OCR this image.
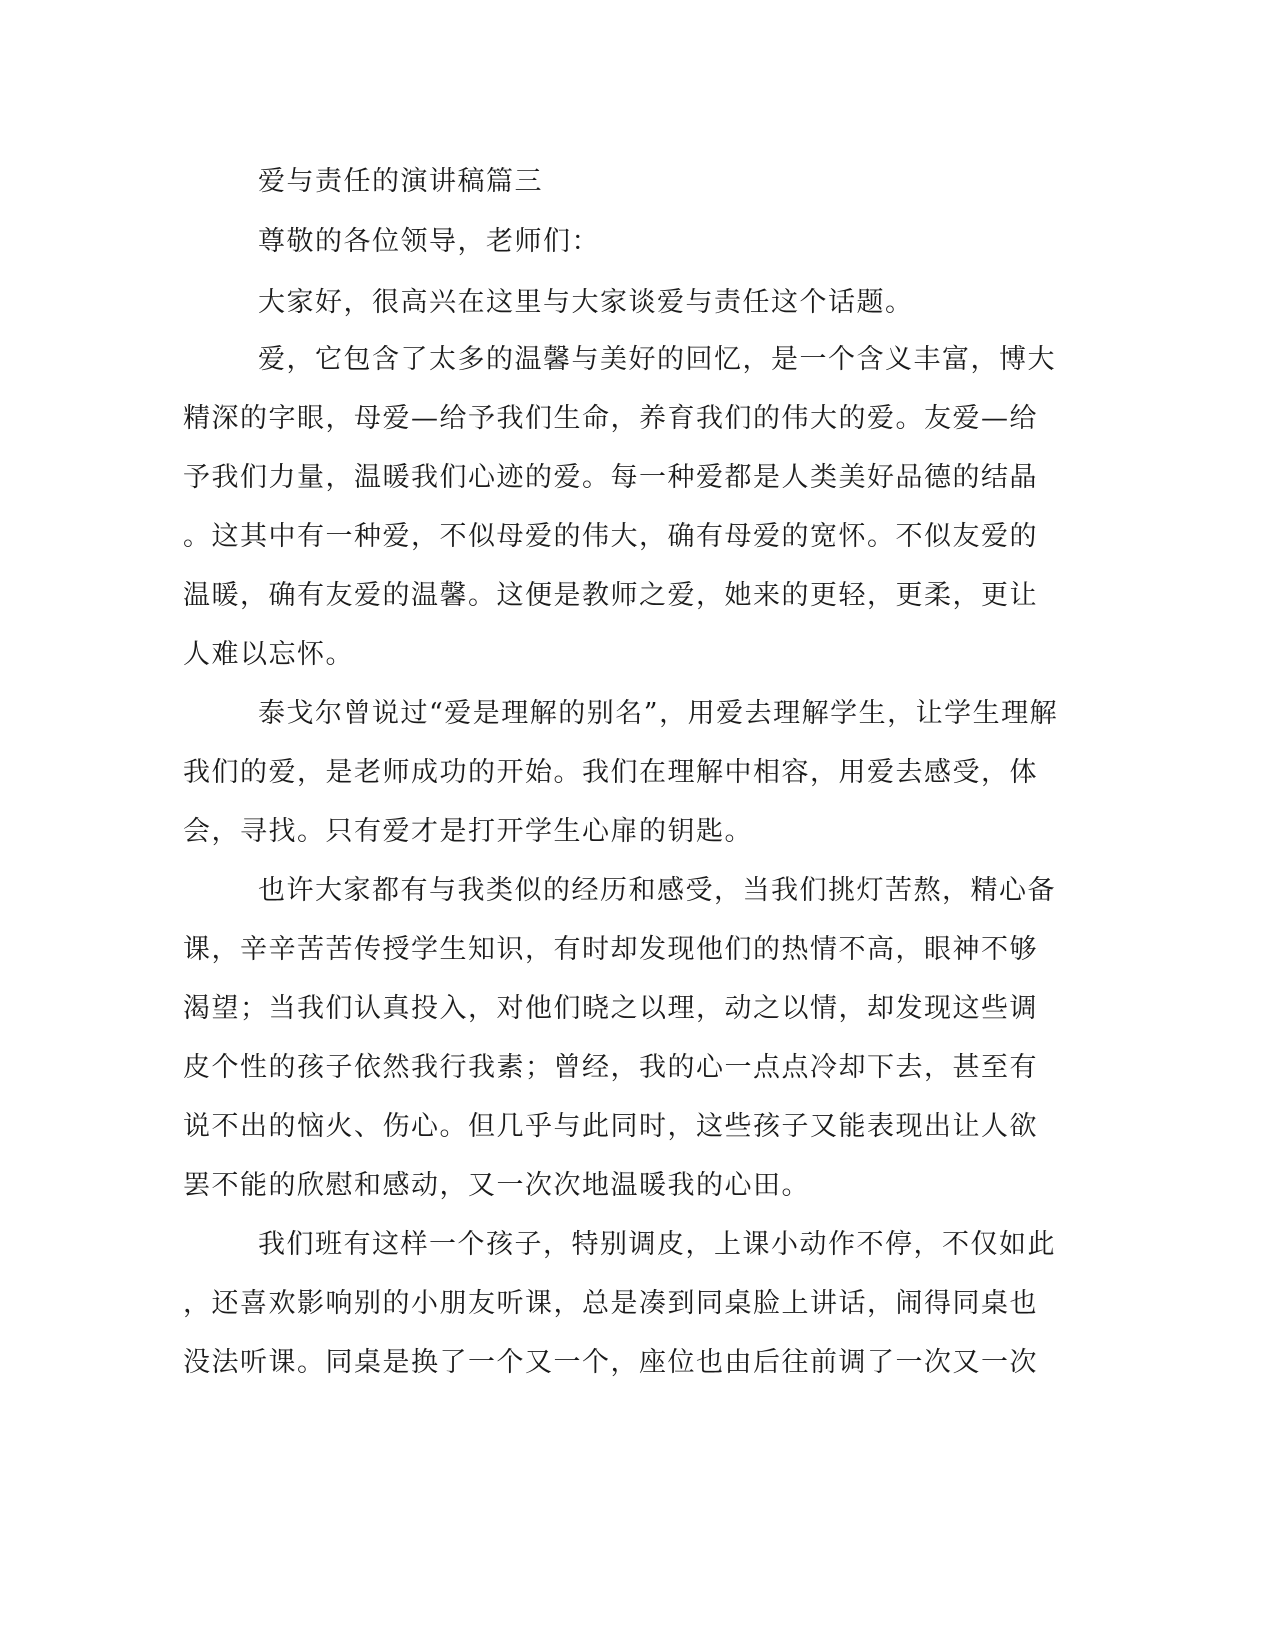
爱与责任的演讲稿篇三
尊敬的各位领导，老师们：
大家好，很高兴在这里与大家谈爱与责任这个话题。
爱，它包含了太多的温馨与美好的回忆，是一个含义丰富，博大
精深的字眼，母爱—给予我们生命，养育我们的伟大的爱。友爱—给
予我们力量，温暖我们心迹的爱。每一种爱都是人类美好品德的结晶
。这其中有一种爱，不似母爱的伟大，确有母爱的宽怀。不似友爱的
温暖，确有友爱的温馨。这便是教师之爱，她来的更轻，更柔，更让
人难以忘怀。
泰戈尔曾说过“爱是理解的别名”，用爱去理解学生，让学生理解
我们的爱，是老师成功的开始。我们在理解中相容，用爱去感受，体
会，寻找。只有爱才是打开学生心扉的钥匙。
也许大家都有与我类似的经历和感受，当我们挑灯苦熬，精心备
课，辛辛苦苦传授学生知识，有时却发现他们的热情不高，眼神不够
渴望；当我们认真投入，对他们晓之以理，动之以情，却发现这些调
皮个性的孩子依然我行我素；曾经，我的心一点点冷却下去，甚至有
说不出的恼火、伤心。但几乎与此同时，这些孩子又能表现出让人欲
罢不能的欣慰和感动，又一次次地温暖我的心田。
我们班有这样一个孩子，特别调皮，上课小动作不停，不仅如此
，还喜欢影响别的小朋友听课，总是凑到同桌脸上讲话，闹得同桌也
没法听课。同桌是换了一个又一个，座位也由后往前调了一次又一次
